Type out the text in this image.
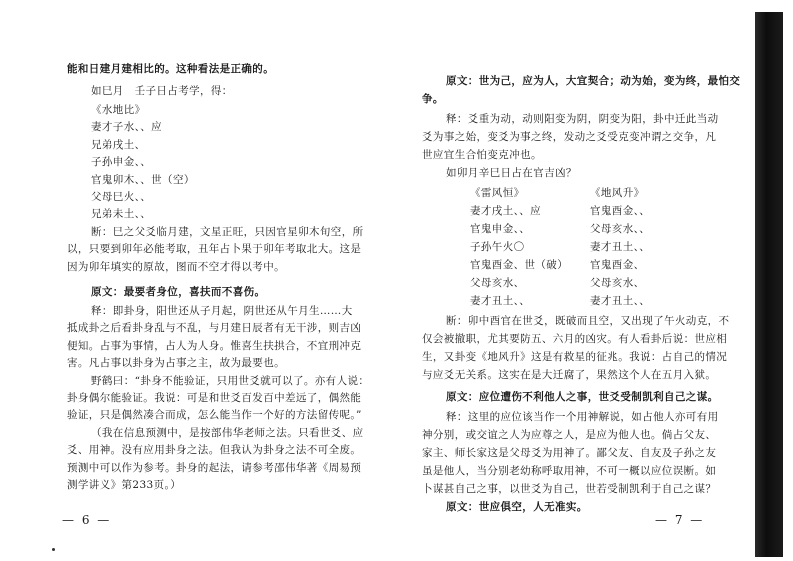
能和日建月建相比的。这种看法是正确的。
如巳月　壬子日占考学，得：
《水地比》
妻才子水、、应
兄弟戌土、
子孙申金、、
官鬼卯木、、世（空）
父母巳火、、
兄弟未土、、
断：巳之父爻临月建，文星正旺，只因官星卯木旬空，所
以，只要到卯年必能考取，丑年占卜果于卯年考取北大。这是
因为卯年填实的原故，图而不空才得以考中。
原文：最要者身位，喜扶而不喜伤。
释：即卦身，阳世还从子月起，阴世还从午月生……大
抵成卦之后看卦身乱与不乱，与月建日辰者有无干涉，则吉凶
便知。占事为事情，占人为人身。惟喜生扶拱合，不宜刑冲克
害。凡占事以卦身为占事之主，故为最要也。
野鹤曰：“卦身不能验证，只用世爻就可以了。亦有人说：
卦身偶尔能验证。我说：可是和世爻百发百中差远了，偶然能
验证，只是偶然凑合而成，怎么能当作一个好的方法留传呢。”
（我在信息预测中，是按部伟华老师之法。只看世爻、应
爻、用神。没有应用卦身之法。但我认为卦身之法不可全废。
预测中可以作为参考。卦身的起法，请参考邵伟华著《周易预
测学讲义》第233页。）
原文：世为己，应为人，大宜契合；动为始，变为终，最怕交
争。
释：爻重为动，动则阳变为阴，阴变为阳，卦中迁此当动
爻为事之始，变爻为事之终，发动之爻受克变冲谓之交争，凡
世应宜生合怕变克冲也。
如卯月辛巳日占在官吉凶？
《雷风恒》
妻才戌土、、应
官鬼申金、、
子孙午火〇
官鬼酉金、世（破）
父母亥水、
妻才丑土、、
《地风升》
官鬼酉金、、
父母亥水、、
妻才丑土、、
官鬼酉金、
父母亥水、
妻才丑土、、
断：卯中酉官在世爻，既破而且空，又出现了午火动克，不
仅会被撤职，尤其要防五、六月的凶灾。有人看卦后说：世应相
生，又卦变《地风升》这是有救星的征兆。我说：占自己的情况
与应爻无关系。这实在是大迁腐了，果然这个人在五月入狱。
原文：应位遭伤不利他人之事，世爻受制凯利自己之谋。
释：这里的应位该当作一个用神解说，如占他人亦可有用
神分别，或交谊之人为应尊之人，是应为他人也。倘占父友、
家主、师长家这是父母爻为用神了。鄙父友、自友及子孙之友
虽是他人，当分别老幼称呼取用神，不可一概以应位误断。如
卜谋甚自己之事，以世爻为自己，世若受制凯利于自己之谋？
原文：世应俱空，人无准实。
— 6 —	— 7 —
